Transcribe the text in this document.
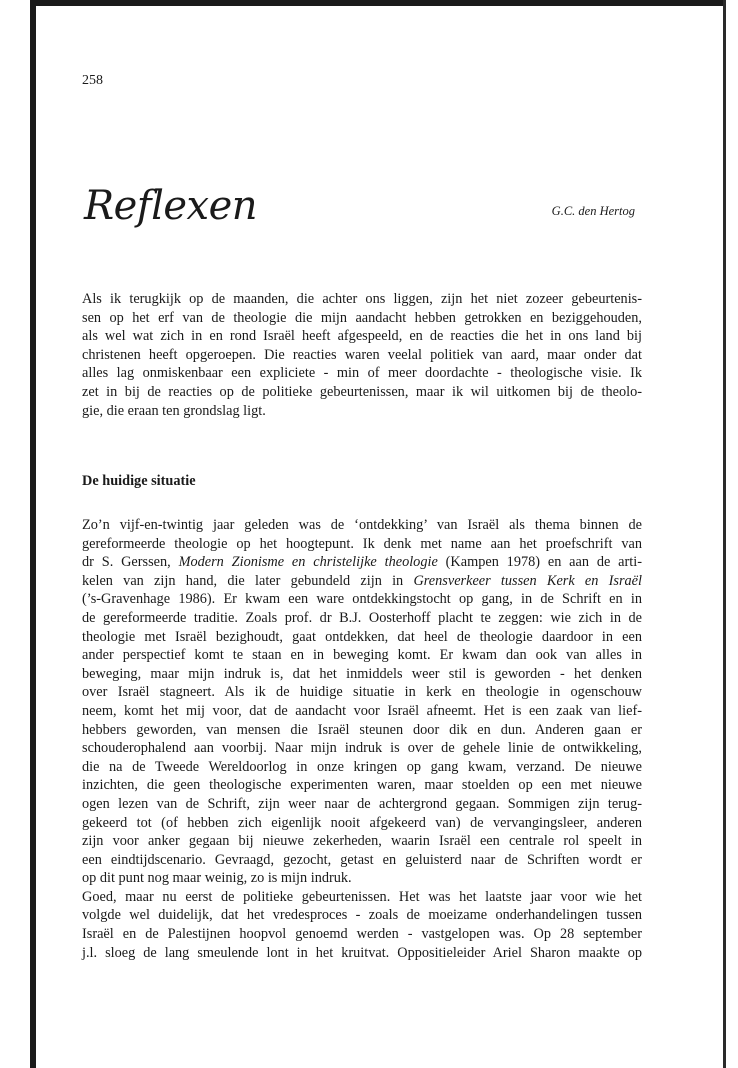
258
Reflexen	G.C. den Hertog
Als ik terugkijk op de maanden, die achter ons liggen, zijn het niet zozeer gebeurtenis-
sen op het erf van de theologie die mijn aandacht hebben getrokken en beziggehouden,
als wel wat zich in en rond Israël heeft afgespeeld, en de reacties die het in ons land bij
christenen heeft opgeroepen. Die reacties waren veelal politiek van aard, maar onder dat
alles lag onmiskenbaar een expliciete - min of meer doordachte - theologische visie. Ik
zet in bij de reacties op de politieke gebeurtenissen, maar ik wil uitkomen bij de theolo-
gie, die eraan ten grondslag ligt.
De huidige situatie
Zo’n vijf-en-twintig jaar geleden was de ‘ontdekking’ van Israël als thema binnen de
gereformeerde theologie op het hoogtepunt. Ik denk met name aan het proefschrift van
dr S. Gerssen, Modern Zionisme en christelijke theologie (Kampen 1978) en aan de arti-
kelen van zijn hand, die later gebundeld zijn in Grensverkeer tussen Kerk en Israël
(’s-Gravenhage 1986). Er kwam een ware ontdekkingstocht op gang, in de Schrift en in
de gereformeerde traditie. Zoals prof. dr B.J. Oosterhoff placht te zeggen: wie zich in de
theologie met Israël bezighoudt, gaat ontdekken, dat heel de theologie daardoor in een
ander perspectief komt te staan en in beweging komt. Er kwam dan ook van alles in
beweging, maar mijn indruk is, dat het inmiddels weer stil is geworden - het denken
over Israël stagneert. Als ik de huidige situatie in kerk en theologie in ogenschouw
neem, komt het mij voor, dat de aandacht voor Israël afneemt. Het is een zaak van lief-
hebbers geworden, van mensen die Israël steunen door dik en dun. Anderen gaan er
schouderophalend aan voorbij. Naar mijn indruk is over de gehele linie de ontwikkeling,
die na de Tweede Wereldoorlog in onze kringen op gang kwam, verzand. De nieuwe
inzichten, die geen theologische experimenten waren, maar stoelden op een met nieuwe
ogen lezen van de Schrift, zijn weer naar de achtergrond gegaan. Sommigen zijn terug-
gekeerd tot (of hebben zich eigenlijk nooit afgekeerd van) de vervangingsleer, anderen
zijn voor anker gegaan bij nieuwe zekerheden, waarin Israël een centrale rol speelt in
een eindtijdscenario. Gevraagd, gezocht, getast en geluisterd naar de Schriften wordt er
op dit punt nog maar weinig, zo is mijn indruk.
Goed, maar nu eerst de politieke gebeurtenissen. Het was het laatste jaar voor wie het
volgde wel duidelijk, dat het vredesproces - zoals de moeizame onderhandelingen tussen
Israël en de Palestijnen hoopvol genoemd werden - vastgelopen was. Op 28 september
j.l. sloeg de lang smeulende lont in het kruitvat. Oppositieleider Ariel Sharon maakte op
